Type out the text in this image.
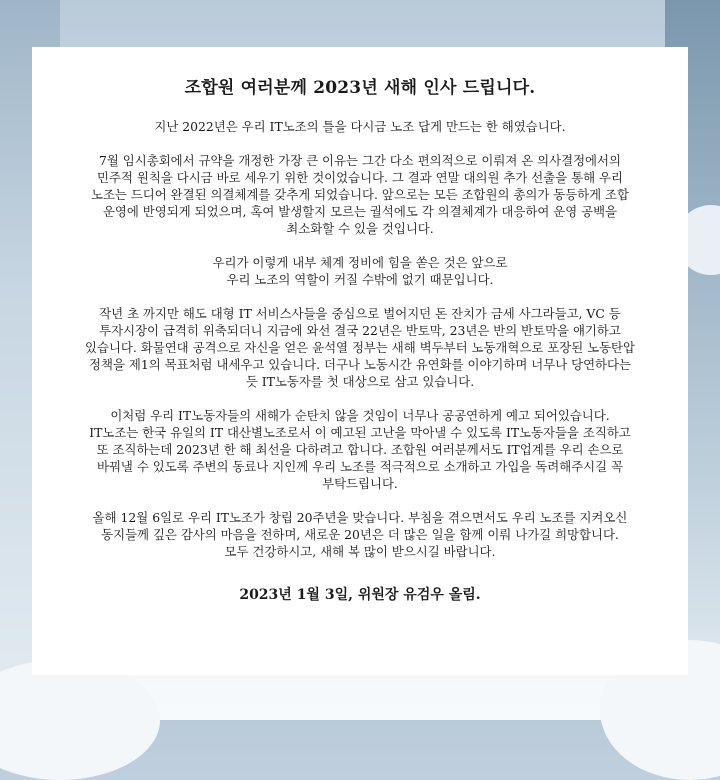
조합원 여러분께 2023년 새해 인사 드립니다.

지난 2022년은 우리 IT노조의 틀을 다시금 노조 답게 만드는 한 해였습니다.

7월 임시총회에서 규약을 개정한 가장 큰 이유는 그간 다소 편의적으로 이뤄져 온 의사결정에서의
민주적 원칙을 다시금 바로 세우기 위한 것이었습니다. 그 결과 연말 대의원 추가 선출을 통해 우리
노조는 드디어 완결된 의결체계를 갖추게 되었습니다. 앞으로는 모든 조합원의 총의가 동등하게 조합
운영에 반영되게 되었으며, 혹여 발생할지 모르는 궐석에도 각 의결체계가 대응하여 운영 공백을
최소화할 수 있을 것입니다.

우리가 이렇게 내부 체계 정비에 힘을 쏟은 것은 앞으로
우리 노조의 역할이 커질 수밖에 없기 때문입니다.

작년 초 까지만 해도 대형 IT 서비스사들을 중심으로 벌어지던 돈 잔치가 금세 사그라들고, VC 등
투자시장이 급격히 위축되더니 지금에 와선 결국 22년은 반토막, 23년은 반의 반토막을 얘기하고
있습니다. 화물연대 공격으로 자신을 얻은 윤석열 정부는 새해 벽두부터 노동개혁으로 포장된 노동탄압
정책을 제1의 목표처럼 내세우고 있습니다. 더구나 노동시간 유연화를 이야기하며 너무나 당연하다는
듯 IT노동자를 첫 대상으로 삼고 있습니다.

이처럼 우리 IT노동자들의 새해가 순탄치 않을 것임이 너무나 공공연하게 예고 되어있습니다.
IT노조는 한국 유일의 IT 대산별노조로서 이 예고된 고난을 막아낼 수 있도록 IT노동자들을 조직하고
또 조직하는데 2023년 한 해 최선을 다하려고 합니다. 조합원 여러분께서도 IT업계를 우리 손으로
바꿔낼 수 있도록 주변의 동료나 지인께 우리 노조를 적극적으로 소개하고 가입을 독려해주시길 꼭
부탁드립니다.

올해 12월 6일로 우리 IT노조가 창립 20주년을 맞습니다. 부침을 겪으면서도 우리 노조를 지켜오신
동지들께 깊은 감사의 마음을 전하며, 새로운 20년은 더 많은 일을 함께 이뤄 나가길 희망합니다.
모두 건강하시고, 새해 복 많이 받으시길 바랍니다.

2023년 1월 3일, 위원장 유검우 올림.
